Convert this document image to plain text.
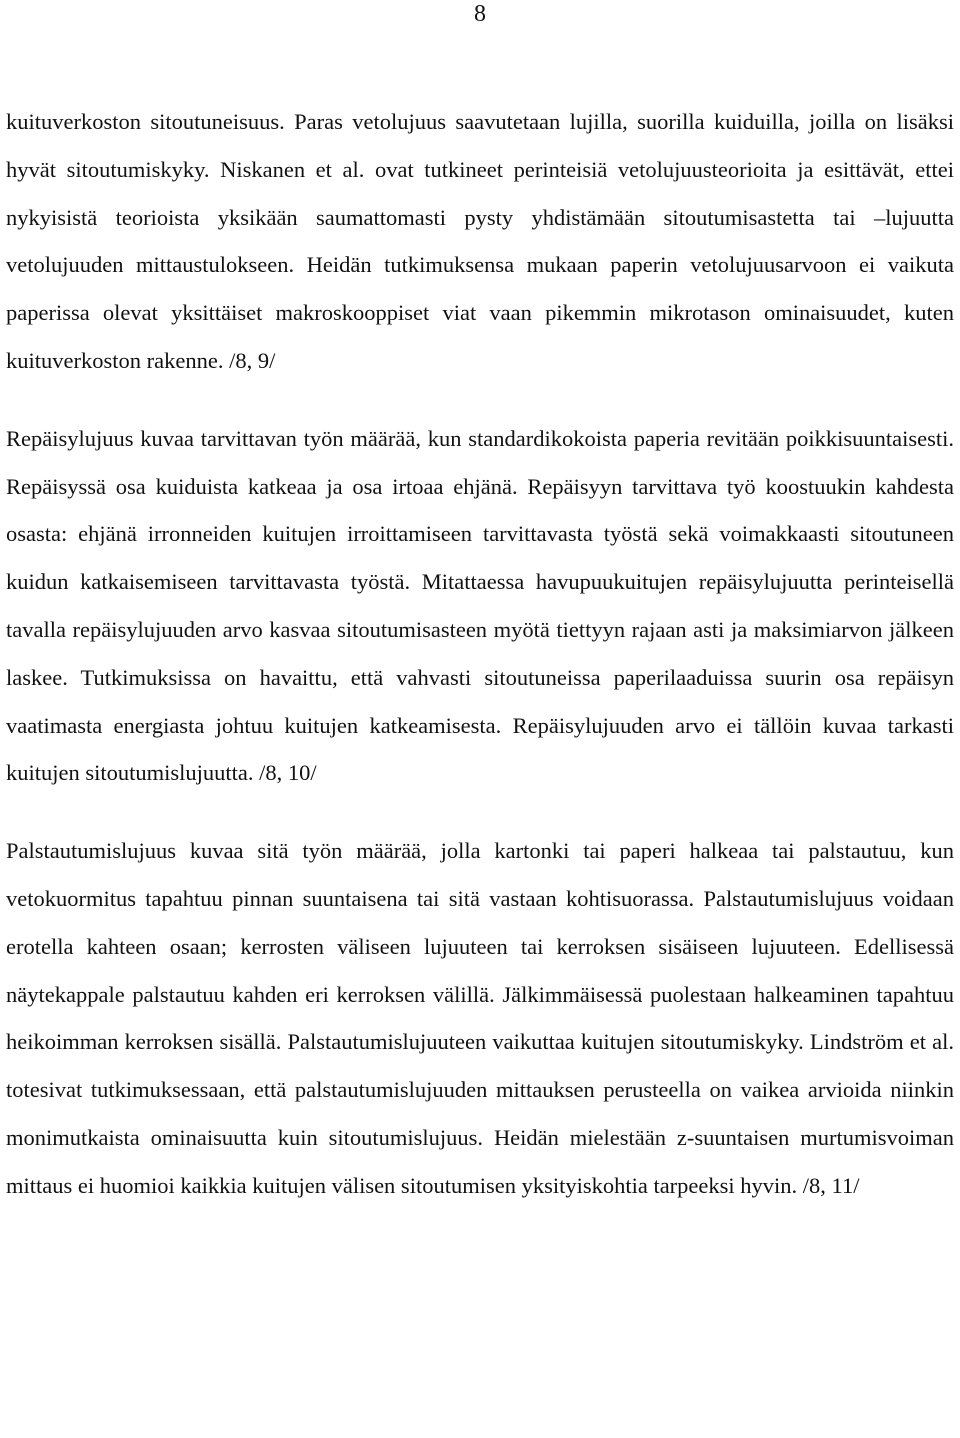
8

kuituverkoston sitoutuneisuus. Paras vetolujuus saavutetaan lujilla, suorilla kuiduilla, joilla on lisäksi hyvät sitoutumiskyky. Niskanen et al. ovat tutkineet perinteisiä vetolujuusteorioita ja esittävät, ettei nykyisistä teorioista yksikään saumattomasti pysty yhdistämään sitoutumisastetta tai –lujuutta vetolujuuden mittaustulokseen. Heidän tutkimuksensa mukaan paperin vetolujuusarvoon ei vaikuta paperissa olevat yksittäiset makroskooppiset viat vaan pikemmin mikrotason ominaisuudet, kuten kuituverkoston rakenne. /8, 9/

Repäisylujuus kuvaa tarvittavan työn määrää, kun standardikokoista paperia revitään poikkisuuntaisesti. Repäisyssä osa kuiduista katkeaa ja osa irtoaa ehjänä. Repäisyyn tarvittava työ koostuukin kahdesta osasta: ehjänä irronneiden kuitujen irroittamiseen tarvittavasta työstä sekä voimakkaasti sitoutuneen kuidun katkaisemiseen tarvittavasta työstä. Mitattaessa havupuukuitujen repäisylujuutta perinteisellä tavalla repäisylujuuden arvo kasvaa sitoutumisasteen myötä tiettyyn rajaan asti ja maksimiarvon jälkeen laskee. Tutkimuksissa on havaittu, että vahvasti sitoutuneissa paperilaaduissa suurin osa repäisyn vaatimasta energiasta johtuu kuitujen katkeamisesta. Repäisylujuuden arvo ei tällöin kuvaa tarkasti kuitujen sitoutumislujuutta. /8, 10/

Palstautumislujuus kuvaa sitä työn määrää, jolla kartonki tai paperi halkeaa tai palstautuu, kun vetokuormitus tapahtuu pinnan suuntaisena tai sitä vastaan kohtisuorassa. Palstautumislujuus voidaan erotella kahteen osaan; kerrosten väliseen lujuuteen tai kerroksen sisäiseen lujuuteen. Edellisessä näytekappale palstautuu kahden eri kerroksen välillä. Jälkimmäisessä puolestaan halkeaminen tapahtuu heikoimman kerroksen sisällä. Palstautumislujuuteen vaikuttaa kuitujen sitoutumiskyky. Lindström et al. totesivat tutkimuksessaan, että palstautumislujuuden mittauksen perusteella on vaikea arvioida niinkin monimutkaista ominaisuutta kuin sitoutumislujuus. Heidän mielestään z-suuntaisen murtumisvoiman mittaus ei huomioi kaikkia kuitujen välisen sitoutumisen yksityiskohtia tarpeeksi hyvin. /8, 11/
